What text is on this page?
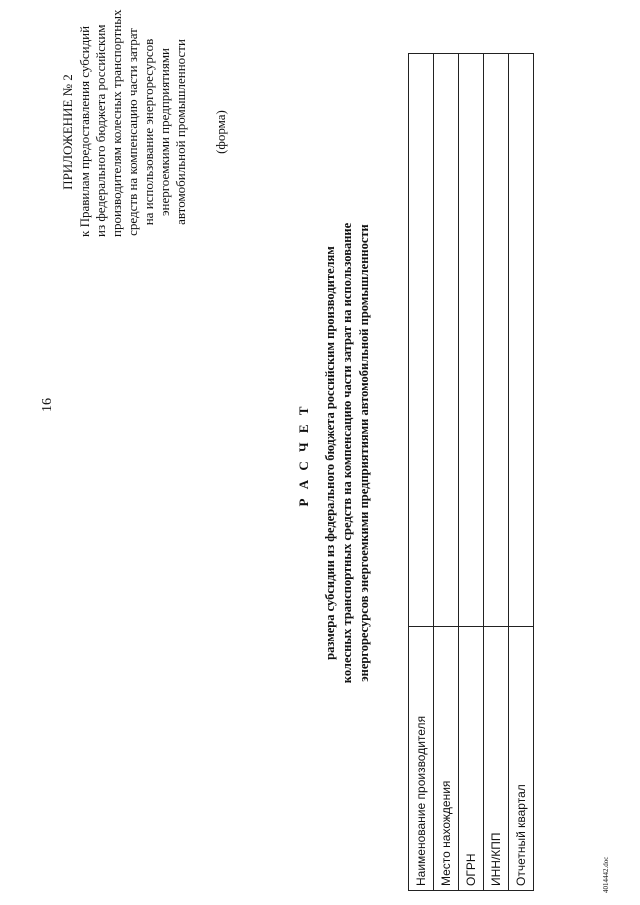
16
ПРИЛОЖЕНИЕ № 2 к Правилам предоставления субсидий из федерального бюджета российским производителям колесных транспортных средств на компенсацию части затрат на использование энергоресурсов энергоемкими предприятиями автомобильной промышленности (форма)
Р А С Ч Е Т размера субсидии из федерального бюджета российским производителям колесных транспортных средств на компенсацию части затрат на использование энергоресурсов энергоемкими предприятиями автомобильной промышленности
Наименование производителя	
Место нахождения	
ОГРН	
ИНН/КПП	
Отчетный квартал		4014442.doc
